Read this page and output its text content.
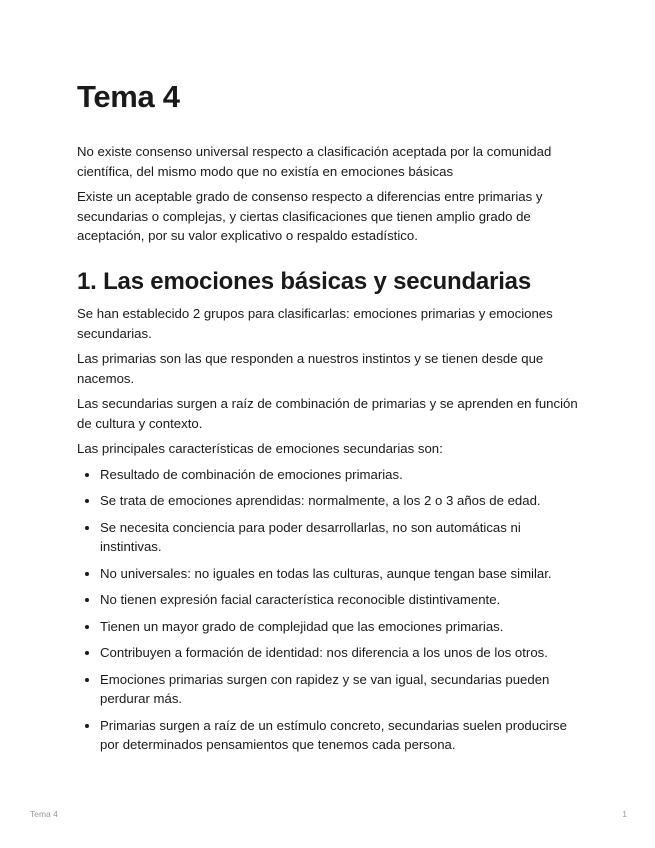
Tema 4

No existe consenso universal respecto a clasificación aceptada por la comunidad científica, del mismo modo que no existía en emociones básicas

Existe un aceptable grado de consenso respecto a diferencias entre primarias y secundarias o complejas, y ciertas clasificaciones que tienen amplio grado de aceptación, por su valor explicativo o respaldo estadístico.

1. Las emociones básicas y secundarias

Se han establecido 2 grupos para clasificarlas: emociones primarias y emociones secundarias.

Las primarias son las que responden a nuestros instintos y se tienen desde que nacemos.

Las secundarias surgen a raíz de combinación de primarias y se aprenden en función de cultura y contexto.

Las principales características de emociones secundarias son:

• Resultado de combinación de emociones primarias.
• Se trata de emociones aprendidas: normalmente, a los 2 o 3 años de edad.
• Se necesita conciencia para poder desarrollarlas, no son automáticas ni instintivas.
• No universales: no iguales en todas las culturas, aunque tengan base similar.
• No tienen expresión facial característica reconocible distintivamente.
• Tienen un mayor grado de complejidad que las emociones primarias.
• Contribuyen a formación de identidad: nos diferencia a los unos de los otros.
• Emociones primarias surgen con rapidez y se van igual, secundarias pueden perdurar más.
• Primarias surgen a raíz de un estímulo concreto, secundarias suelen producirse por determinados pensamientos que tenemos cada persona.
Tema 4	1
